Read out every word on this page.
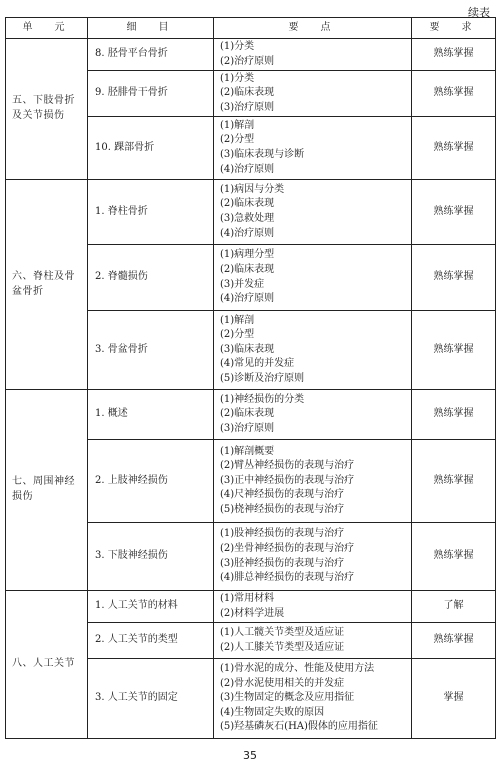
续表
单　元	细　目	要　点	要　求
五、下肢骨折及关节损伤	8. 胫骨平台骨折	(1)分类
(2)治疗原则	熟练掌握
	9. 胫腓骨干骨折	(1)分类
(2)临床表现
(3)治疗原则	熟练掌握
	10. 踝部骨折	(1)解剖
(2)分型
(3)临床表现与诊断
(4)治疗原则	熟练掌握
六、脊柱及骨盆骨折	1. 脊柱骨折	(1)病因与分类
(2)临床表现
(3)急救处理
(4)治疗原则	熟练掌握
	2. 脊髓损伤	(1)病理分型
(2)临床表现
(3)并发症
(4)治疗原则	熟练掌握
	3. 骨盆骨折	(1)解剖
(2)分型
(3)临床表现
(4)常见的并发症
(5)诊断及治疗原则	熟练掌握
七、周围神经损伤	1. 概述	(1)神经损伤的分类
(2)临床表现
(3)治疗原则	熟练掌握
	2. 上肢神经损伤	(1)解剖概要
(2)臂丛神经损伤的表现与治疗
(3)正中神经损伤的表现与治疗
(4)尺神经损伤的表现与治疗
(5)桡神经损伤的表现与治疗	熟练掌握
	3. 下肢神经损伤	(1)股神经损伤的表现与治疗
(2)坐骨神经损伤的表现与治疗
(3)胫神经损伤的表现与治疗
(4)腓总神经损伤的表现与治疗	熟练掌握
八、人工关节	1. 人工关节的材料	(1)常用材料
(2)材料学进展	了解
	2. 人工关节的类型	(1)人工髋关节类型及适应证
(2)人工膝关节类型及适应证	熟练掌握
	3. 人工关节的固定	(1)骨水泥的成分、性能及使用方法
(2)骨水泥使用相关的并发症
(3)生物固定的概念及应用指征
(4)生物固定失败的原因
(5)羟基磷灰石(HA)假体的应用指征	掌握
35
